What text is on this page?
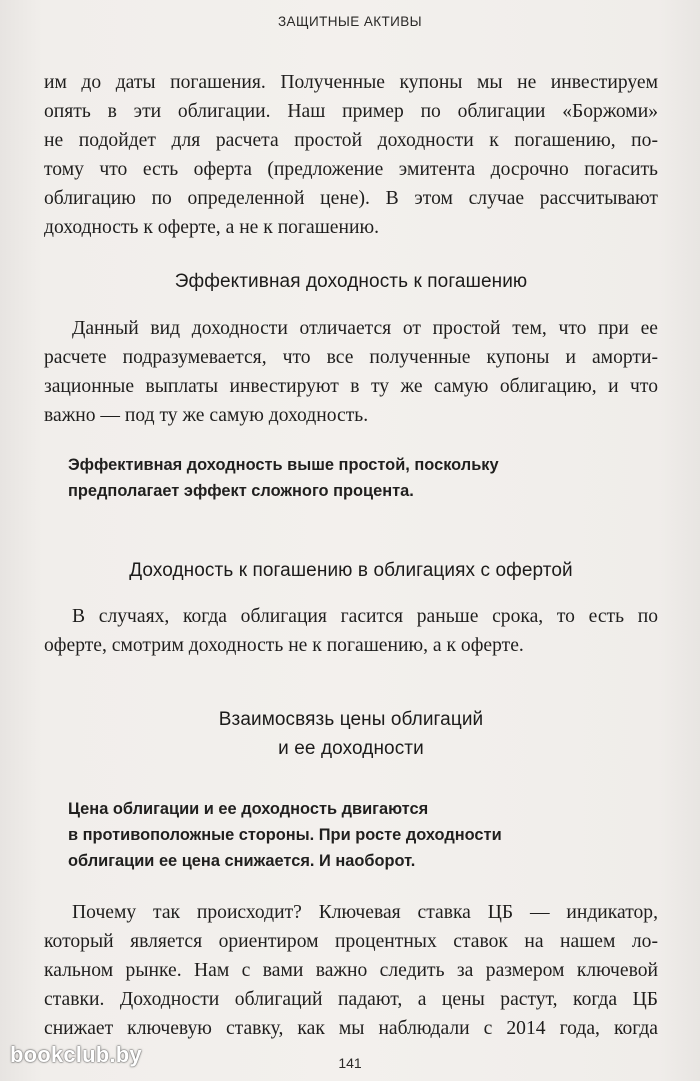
ЗАЩИТНЫЕ АКТИВЫ
им до даты погашения. Полученные купоны мы не инвестируем
опять в эти облигации. Наш пример по облигации «Боржоми»
не подойдет для расчета простой доходности к погашению, по-
тому что есть оферта (предложение эмитента досрочно погасить
облигацию по определенной цене). В этом случае рассчитывают
доходность к оферте, а не к погашению.
Эффективная доходность к погашению
Данный вид доходности отличается от простой тем, что при ее
расчете подразумевается, что все полученные купоны и аморти-
зационные выплаты инвестируют в ту же самую облигацию, и что
важно — под ту же самую доходность.
Эффективная доходность выше простой, поскольку
предполагает эффект сложного процента.
Доходность к погашению в облигациях с офертой
В случаях, когда облигация гасится раньше срока, то есть по
оферте, смотрим доходность не к погашению, а к оферте.
Взаимосвязь цены облигаций
и ее доходности
Цена облигации и ее доходность двигаются
в противоположные стороны. При росте доходности
облигации ее цена снижается. И наоборот.
Почему так происходит? Ключевая ставка ЦБ — индикатор,
который является ориентиром процентных ставок на нашем ло-
кальном рынке. Нам с вами важно следить за размером ключевой
ставки. Доходности облигаций падают, а цены растут, когда ЦБ
снижает ключевую ставку, как мы наблюдали с 2014 года, когда
bookclub.by	141
